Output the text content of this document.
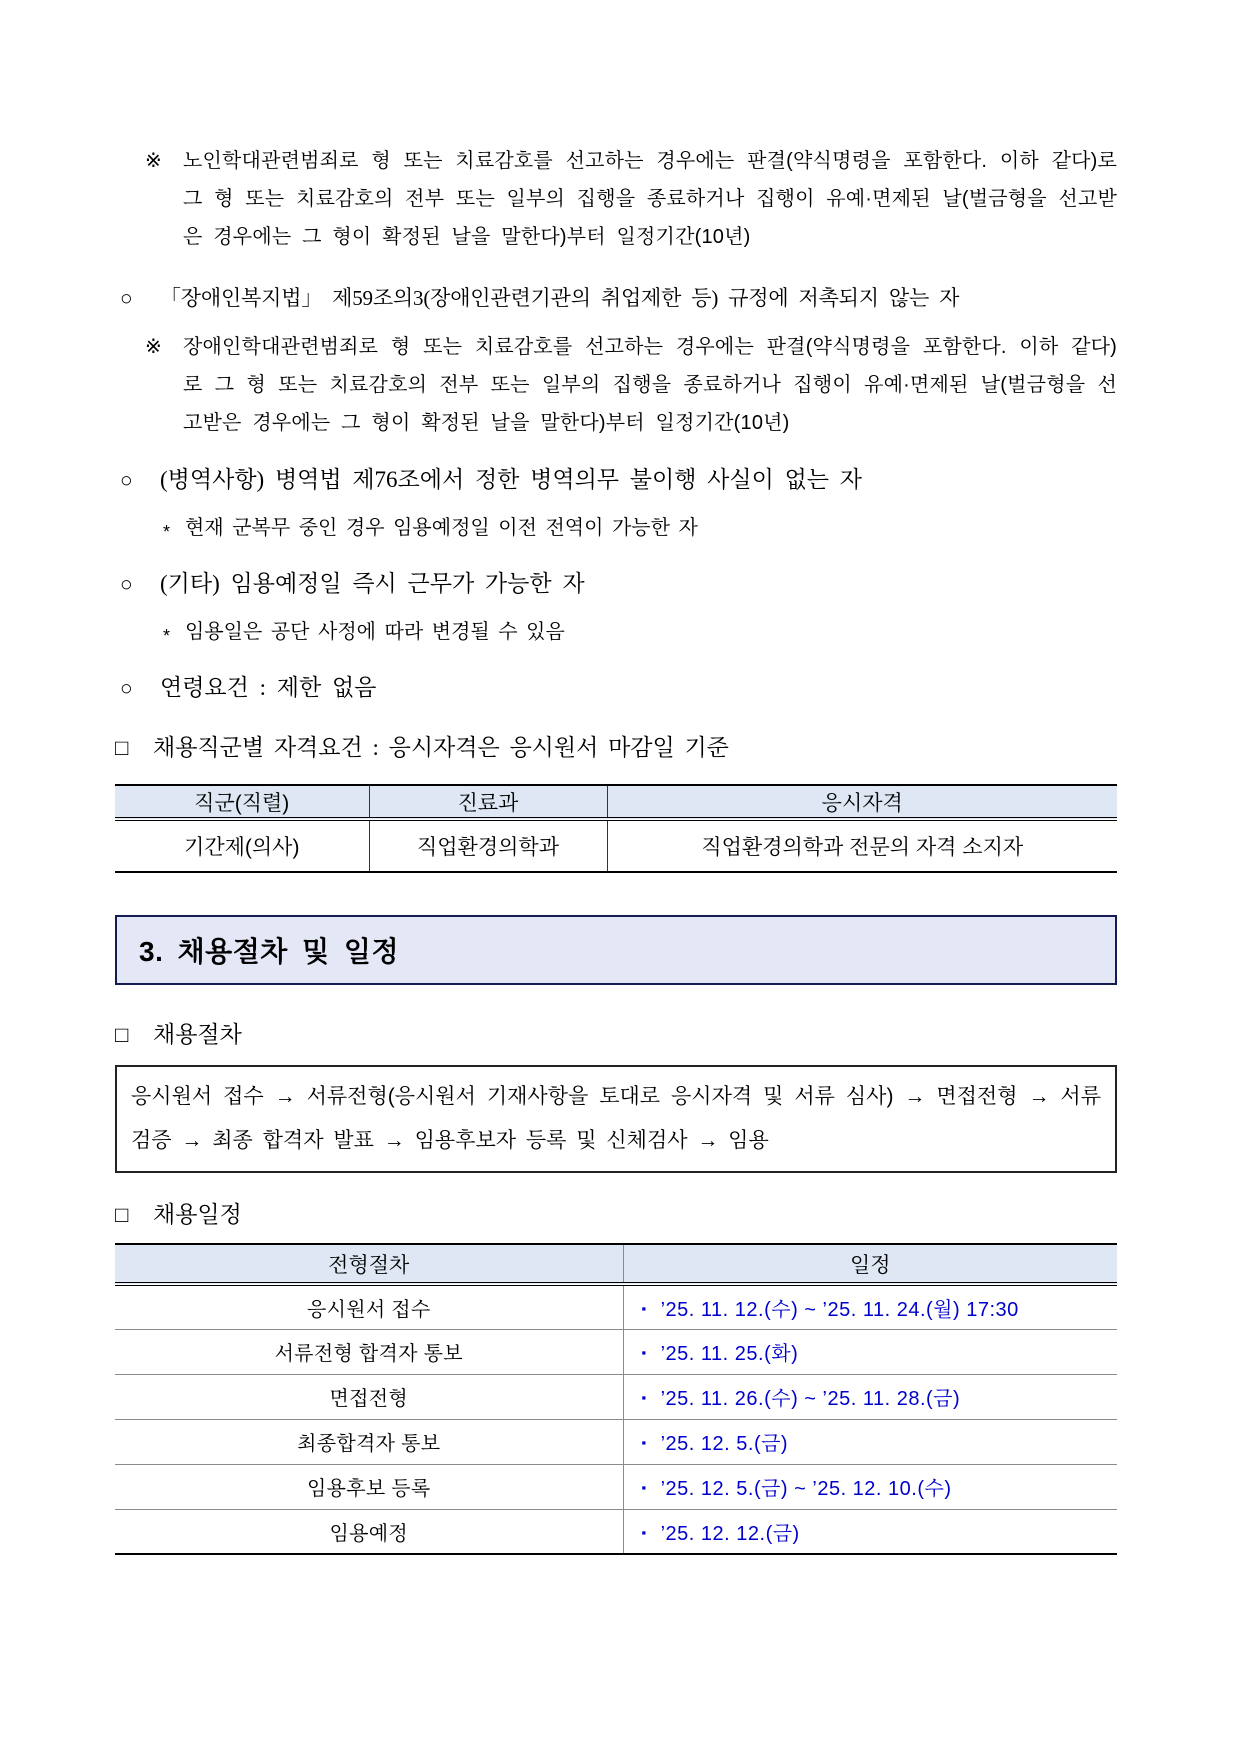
※	노인학대관련범죄로 형 또는 치료감호를 선고하는 경우에는 판결(약식명령을 포함한다. 이하 같다)로 그 형 또는 치료감호의 전부 또는 일부의 집행을 종료하거나 집행이 유예·면제된 날(벌금형을 선고받은 경우에는 그 형이 확정된 날을 말한다)부터 일정기간(10년)
○	「장애인복지법」 제59조의3(장애인관련기관의 취업제한 등) 규정에 저촉되지 않는 자
※	장애인학대관련범죄로 형 또는 치료감호를 선고하는 경우에는 판결(약식명령을 포함한다. 이하 같다)로 그 형 또는 치료감호의 전부 또는 일부의 집행을 종료하거나 집행이 유예·면제된 날(벌금형을 선고받은 경우에는 그 형이 확정된 날을 말한다)부터 일정기간(10년)
○	(병역사항) 병역법 제76조에서 정한 병역의무 불이행 사실이 없는 자
* 현재 군복무 중인 경우 임용예정일 이전 전역이 가능한 자
○	(기타) 임용예정일 즉시 근무가 가능한 자
* 임용일은 공단 사정에 따라 변경될 수 있음
○	연령요건 : 제한 없음
□	채용직군별 자격요건 : 응시자격은 응시원서 마감일 기준
직군(직렬)	진료과	응시자격
기간제(의사)	직업환경의학과	직업환경의학과 전문의 자격 소지자
3. 채용절차 및 일정
□	채용절차
응시원서 접수 → 서류전형(응시원서 기재사항을 토대로 응시자격 및 서류 심사) → 면접전형 → 서류검증 → 최종 합격자 발표 → 임용후보자 등록 및 신체검사 → 임용
□	채용일정
전형절차	일정
응시원서 접수	▪ ’25. 11. 12.(수) ~ ’25. 11. 24.(월) 17:30
서류전형 합격자 통보	▪ ’25. 11. 25.(화)
면접전형	▪ ’25. 11. 26.(수) ~ ’25. 11. 28.(금)
최종합격자 통보	▪ ’25. 12. 5.(금)
임용후보 등록	▪ ’25. 12. 5.(금) ~ ’25. 12. 10.(수)
임용예정	▪ ’25. 12. 12.(금)
